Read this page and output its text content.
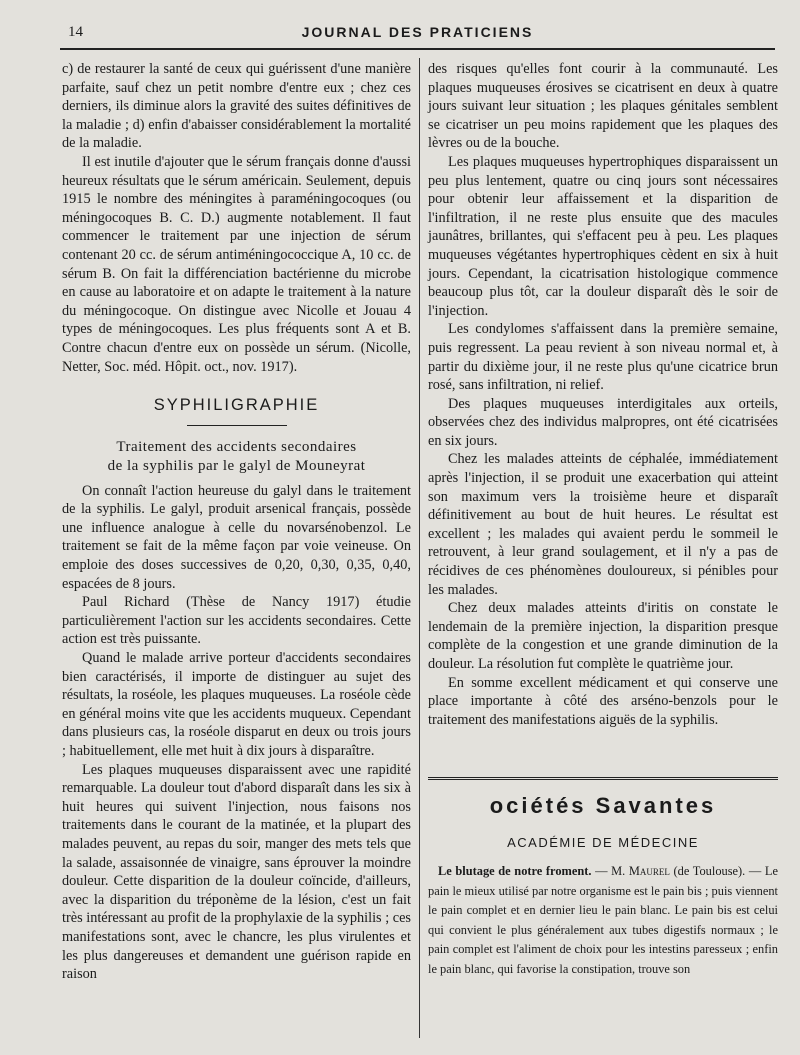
14	JOURNAL DES PRATICIENS

c) de restaurer la santé de ceux qui guérissent d'une manière parfaite, sauf chez un petit nombre d'entre eux ; chez ces derniers, ils diminue alors la gravité des suites définitives de la maladie ; d) enfin d'abaisser considérablement la mortalité de la maladie.

Il est inutile d'ajouter que le sérum français donne d'aussi heureux résultats que le sérum américain. Seulement, depuis 1915 le nombre des méningites à paraméningocoques (ou méningocoques B. C. D.) augmente notablement. Il faut commencer le traitement par une injection de sérum contenant 20 cc. de sérum antiméningococcique A, 10 cc. de sérum B. On fait la différenciation bactérienne du microbe en cause au laboratoire et on adapte le traitement à la nature du méningocoque. On distingue avec Nicolle et Jouau 4 types de méningocoques. Les plus fréquents sont A et B. Contre chacun d'entre eux on possède un sérum. (Nicolle, Netter, Soc. méd. Hôpit. oct., nov. 1917).

SYPHILIGRAPHIE
Traitement des accidents secondaires
de la syphilis par le galyl de Mouneyrat

On connaît l'action heureuse du galyl dans le traitement de la syphilis. Le galyl, produit arsenical français, possède une influence analogue à celle du novarsénobenzol. Le traitement se fait de la même façon par voie veineuse. On emploie des doses successives de 0,20, 0,30, 0,35, 0,40, espacées de 8 jours.

Paul Richard (Thèse de Nancy 1917) étudie particulièrement l'action sur les accidents secondaires. Cette action est très puissante.

Quand le malade arrive porteur d'accidents secondaires bien caractérisés, il importe de distinguer au sujet des résultats, la roséole, les plaques muqueuses. La roséole cède en général moins vite que les accidents muqueux. Cependant dans plusieurs cas, la roséole disparut en deux ou trois jours ; habituellement, elle met huit à dix jours à disparaître.

Les plaques muqueuses disparaissent avec une rapidité remarquable. La douleur tout d'abord disparaît dans les six à huit heures qui suivent l'injection, nous faisons nos traitements dans le courant de la matinée, et la plupart des malades peuvent, au repas du soir, manger des mets tels que la salade, assaisonnée de vinaigre, sans éprouver la moindre douleur. Cette disparition de la douleur coïncide, d'ailleurs, avec la disparition du tréponème de la lésion, c'est un fait très intéressant au profit de la prophylaxie de la syphilis ; ces manifestations sont, avec le chancre, les plus virulentes et les plus dangereuses et demandent une guérison rapide en raison

des risques qu'elles font courir à la communauté. Les plaques muqueuses érosives se cicatrisent en deux à quatre jours suivant leur situation ; les plaques génitales semblent se cicatriser un peu moins rapidement que les plaques des lèvres ou de la bouche.

Les plaques muqueuses hypertrophiques disparaissent un peu plus lentement, quatre ou cinq jours sont nécessaires pour obtenir leur affaissement et la disparition de l'infiltration, il ne reste plus ensuite que des macules jaunâtres, brillantes, qui s'effacent peu à peu. Les plaques muqueuses végétantes hypertrophiques cèdent en six à huit jours. Cependant, la cicatrisation histologique commence beaucoup plus tôt, car la douleur disparaît dès le soir de l'injection.

Les condylomes s'affaissent dans la première semaine, puis regressent. La peau revient à son niveau normal et, à partir du dixième jour, il ne reste plus qu'une cicatrice brun rosé, sans infiltration, ni relief.

Des plaques muqueuses interdigitales aux orteils, observées chez des individus malpropres, ont été cicatrisées en six jours.

Chez les malades atteints de céphalée, immédiatement après l'injection, il se produit une exacerbation qui atteint son maximum vers la troisième heure et disparaît définitivement au bout de huit heures. Le résultat est excellent ; les malades qui avaient perdu le sommeil le retrouvent, à leur grand soulagement, et il n'y a pas de récidives de ces phénomènes douloureux, si pénibles pour les malades.

Chez deux malades atteints d'iritis on constate le lendemain de la première injection, la disparition presque complète de la congestion et une grande diminution de la douleur. La résolution fut complète le quatrième jour.

En somme excellent médicament et qui conserve une place importante à côté des arséno-benzols pour le traitement des manifestations aiguës de la syphilis.

ociétés Savantes
ACADÉMIE DE MÉDECINE

Le blutage de notre froment. — M. Maurel (de Toulouse). — Le pain le mieux utilisé par notre organisme est le pain bis ; puis viennent le pain complet et en dernier lieu le pain blanc. Le pain bis est celui qui convient le plus généralement aux tubes digestifs normaux ; le pain complet est l'aliment de choix pour les intestins paresseux ; enfin le pain blanc, qui favorise la constipation, trouve son
